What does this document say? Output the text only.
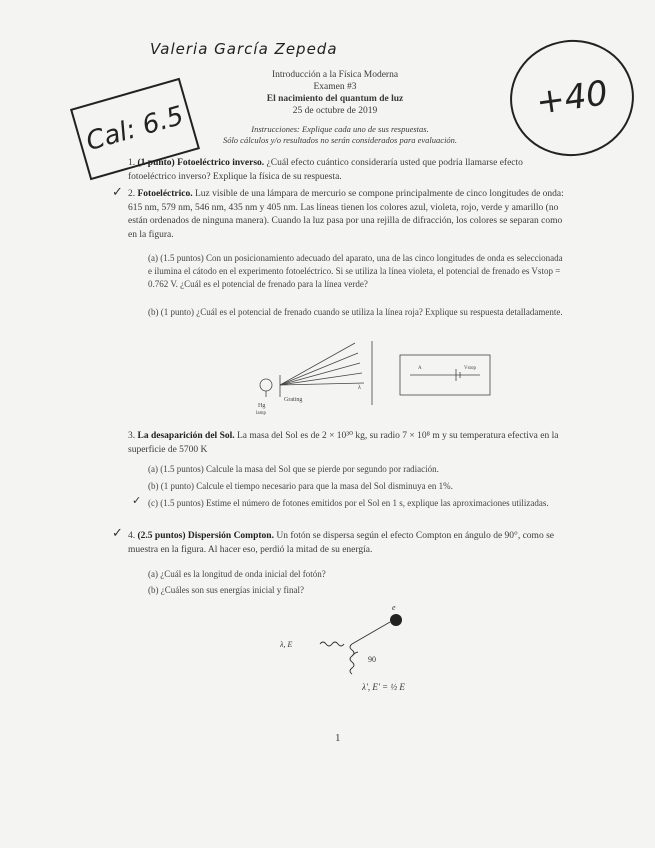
Valeria García Zepeda
Cal: 6.5
+40
Introducción a la Física Moderna
Examen #3
El nacimiento del quantum de luz
25 de octubre de 2019
Instrucciones: Explique cada uno de sus respuestas.
Sólo cálculos y/o resultados no serán considerados para evaluación.
1. (1 punto) Fotoeléctrico inverso. ¿Cuál efecto cuántico consideraría usted que podría llamarse efecto fotoeléctrico inverso? Explique la física de su respuesta.
✓ 2. Fotoeléctrico. Luz visible de una lámpara de mercurio se compone principalmente de cinco longitudes de onda: 615 nm, 579 nm, 546 nm, 435 nm y 405 nm. Las líneas tienen los colores azul, violeta, rojo, verde y amarillo (no están ordenados de ninguna manera). Cuando la luz pasa por una rejilla de difracción, los colores se separan como en la figura.
(a) (1.5 puntos) Con un posicionamiento adecuado del aparato, una de las cinco longitudes de onda es seleccionada e ilumina el cátodo en el experimento fotoeléctrico. Si se utiliza la línea violeta, el potencial de frenado es Vstop = 0.762 V. ¿Cuál es el potencial de frenado para la línea verde?
(b) (1 punto) ¿Cuál es el potencial de frenado cuando se utiliza la línea roja? Explique su respuesta detalladamente.
Hg
lamp
Grating
λ
A	Vstop
3. La desaparición del Sol. La masa del Sol es de 2 × 10³⁰ kg, su radio 7 × 10⁸ m y su temperatura efectiva en la superficie de 5700 K
(a) (1.5 puntos) Calcule la masa del Sol que se pierde por segundo por radiación.
(b) (1 punto) Calcule el tiempo necesario para que la masa del Sol disminuya en 1%.
✓ (c) (1.5 puntos) Estime el número de fotones emitidos por el Sol en 1 s, explique las aproximaciones utilizadas.
✓ 4. (2.5 puntos) Dispersión Compton. Un fotón se dispersa según el efecto Compton en ángulo de 90°, como se muestra en la figura. Al hacer eso, perdió la mitad de su energía.
(a) ¿Cuál es la longitud de onda inicial del fotón?
(b) ¿Cuáles son sus energías inicial y final?
λ, E
e
90
λ', E' = ½ E
1
